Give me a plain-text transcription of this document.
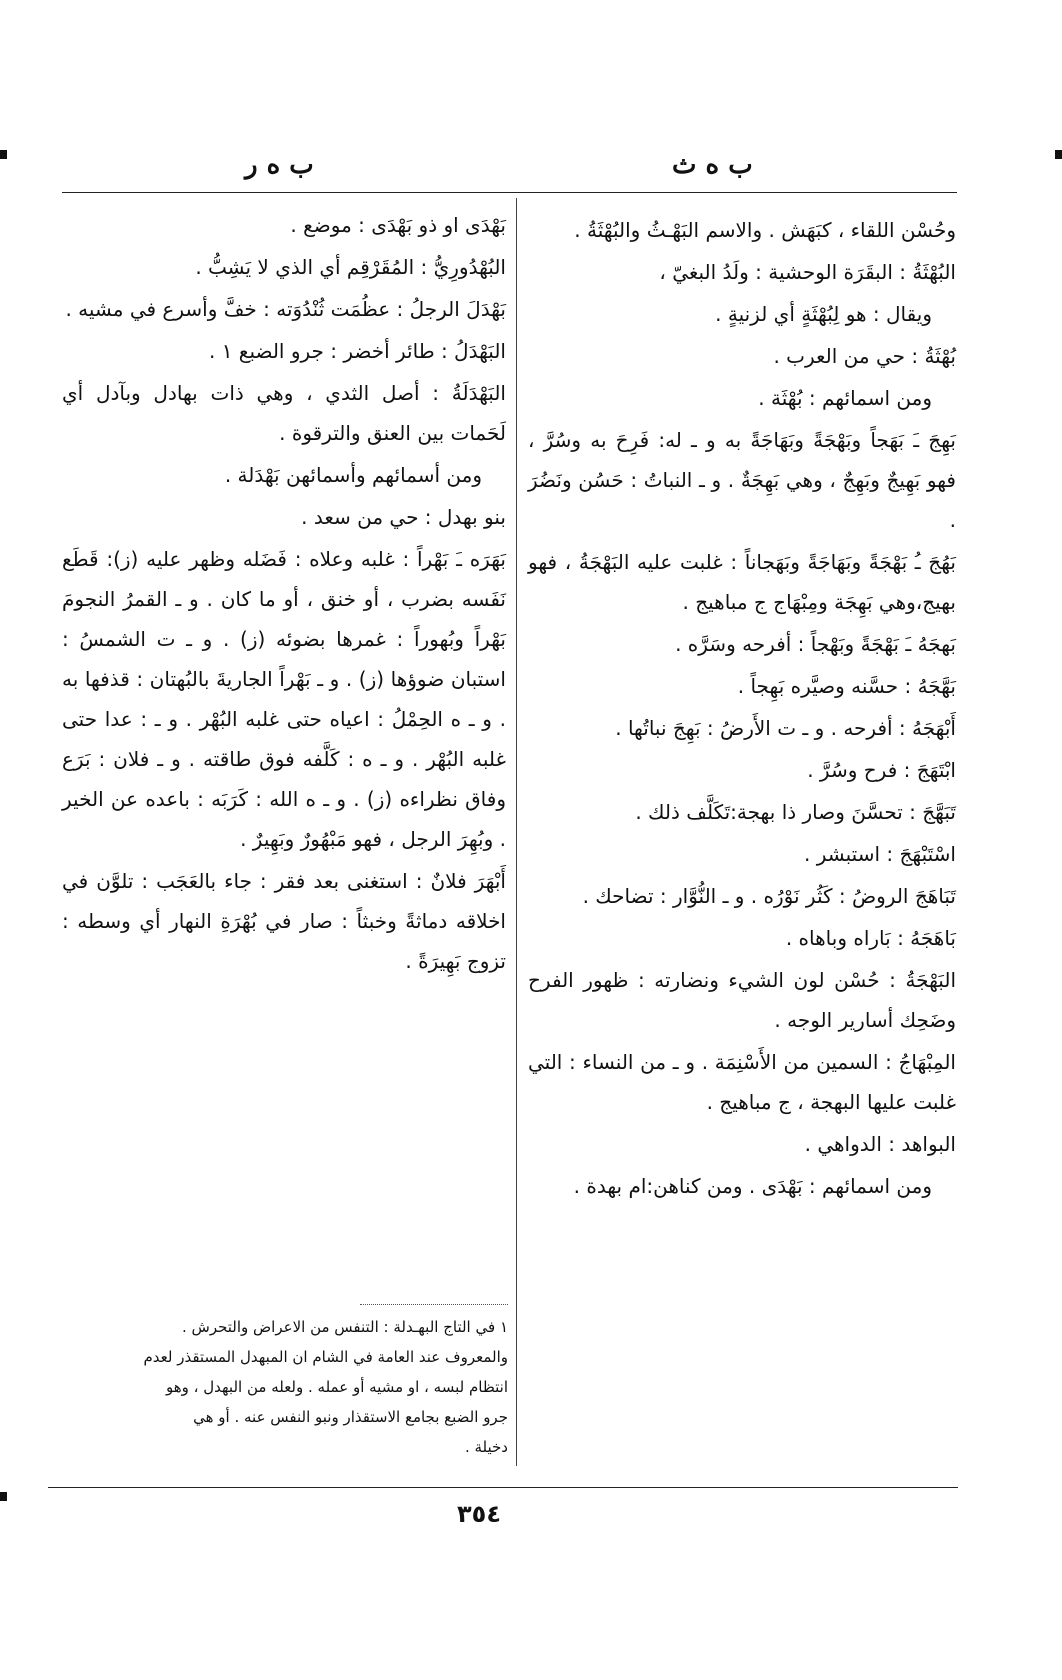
ب ه ث
ب ه ر
وحُسْن اللقاء ، كبَهَش . والاسم البَهْـثُ والبُهْثَةُ .
البُهْثَةُ : البقَرَة الوحشية : ولَدُ البغيّ ،
ويقال : هو لِبُهْثَةٍ أي لزنيةٍ .
بُهْثَةُ : حي من العرب .
ومن اسمائهم : بُهْثَة .
بَهِجَ ـَ بَهَجاً وبَهْجَةً وبَهَاجَةً به و ـ له: فَرِحَ به وسُرَّ ، فهو بَهِيجٌ وبَهِجٌ ، وهي بَهِجَةٌ . و ـ النباتُ : حَسُن ونَضُرَ .
بَهُجَ ـُ بَهْجَةً وبَهَاجَةً وبَهَجاناً : غلبت عليه البَهْجَةُ ، فهو بهيج،وهي بَهِجَة ومِبْهَاج ج مباهيج .
بَهجَهُ ـَ بَهْجَةً وبَهْجاً : أفرحه وسَرَّه .
بَهَّجَهُ : حسَّنه وصيَّره بَهِجاً .
أَبْهَجَهُ : أفرحه . و ـ ت الأَرضُ : بَهِجَ نباتُها .
ابْتَهَجَ : فرح وسُرَّ .
تَبَهَّجَ : تحسَّنَ وصار ذا بهجة:تَكَلَّف ذلك .
اسْتَبْهَجَ : استبشر .
تَبَاهَجَ الروضُ : كَثُر نَوْرُه . و ـ النُّوَّار : تضاحك .
بَاهَجَهُ : بَاراه وباهاه .
البَهْجَةُ : حُسْن لون الشيء ونضارته : ظهور الفرح وضَحِك أسارير الوجه .
المِبْهَاجُ : السمين من الأَسْنِمَة . و ـ من النساء : التي غلبت عليها البهجة ، ج مباهيج .
البواهد : الدواهي .
ومن اسمائهم : بَهْدَى . ومن كناهن:ام بهدة .
بَهْدَى او ذو بَهْدَى : موضع .
البُهْدُورِيُّ : المُقَرْقِم أي الذي لا يَشِبُّ .
بَهْدَلَ الرجلُ : عظُمَت ثُنْدُوَته : خفَّ وأسرع في مشيه .
البَهْدَلُ : طائر أخضر : جرو الضبع ١ .
البَهْدَلَةُ : أصل الثدي ، وهي ذات بهادل وبآدل أي لَحَمات بين العنق والترقوة .
ومن أسمائهم وأسمائهن بَهْدَلة .
بنو بهدل : حي من سعد .
بَهَرَه ـَ بَهْراً : غلبه وعلاه : فَضَله وظهر عليه (ز): قَطَع نَفَسه بضرب ، أو خنق ، أو ما كان . و ـ القمرُ النجومَ بَهْراً وبُهوراً : غمرها بضوئه (ز) . و ـ ت الشمسُ : استبان ضوؤها (ز) . و ـ بَهْراً الجاريةَ بالبُهتان : قذفها به . و ـ ه الحِمْلُ : اعياه حتى غلبه البُهْر . و ـ : عدا حتى غلبه البُهْر . و ـ ه : كَلَّفه فوق طاقته . و ـ فلان : بَرَع وفاق نظراءه (ز) . و ـ ه الله : كَرَبَه : باعده عن الخير . وبُهِرَ الرجل ، فهو مَبْهُورٌ وبَهِيرٌ .
أَبْهَرَ فلانٌ : استغنى بعد فقر : جاء بالعَجَب : تلوَّن في اخلاقه دماثةً وخبثاً : صار في بُهْرَةِ النهار أي وسطه : تزوج بَهِيرَةً .
١ في التاج البهـدلة : التنفس من الاعراض والتحرش .
والمعروف عند العامة في الشام ان المبهدل المستقذر لعدم
انتظام لبسه ، او مشيه أو عمله . ولعله من البهدل ، وهو
جرو الضبع بجامع الاستقذار ونبو النفس عنه . أو هي
دخيلة .
٣٥٤
